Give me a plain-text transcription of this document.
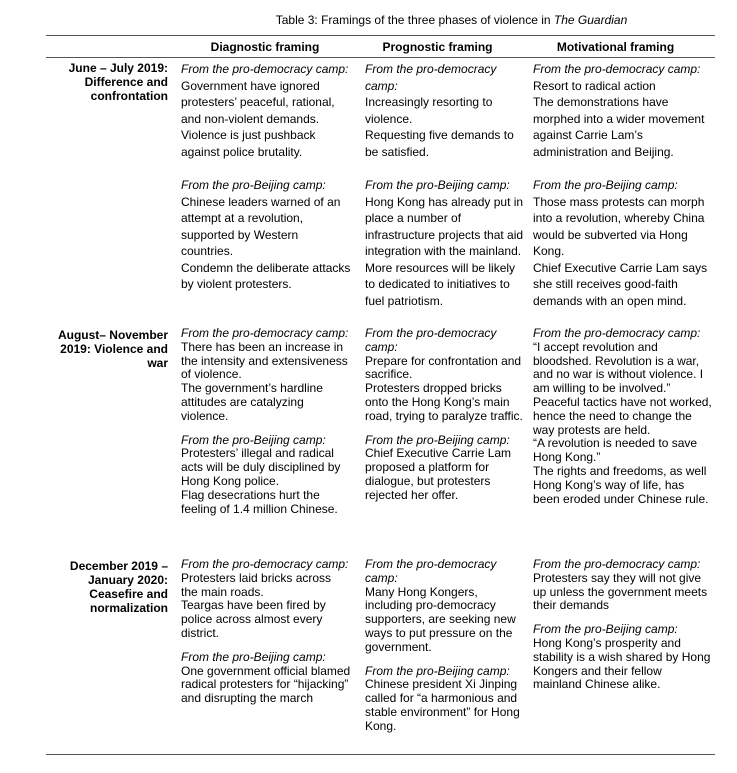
Table 3: Framings of the three phases of violence in The Guardian
Diagnostic framing	Prognostic framing	Motivational framing
June – July 2019: Difference and confrontation
August– November 2019: Violence and war
December 2019 – January 2020: Ceasefire and normalization
From the pro-democracy camp:
Government have ignored protesters’ peaceful, rational, and non-violent demands.
Violence is just pushback against police brutality.
From the pro-Beijing camp:
Chinese leaders warned of an attempt at a revolution, supported by Western countries.
Condemn the deliberate attacks by violent protesters.
From the pro-democracy camp:
Increasingly resorting to violence.
Requesting five demands to be satisfied.
From the pro-Beijing camp:
Hong Kong has already put in place a number of infrastructure projects that aid integration with the mainland.
More resources will be likely to dedicated to initiatives to fuel patriotism.
From the pro-democracy camp:
Resort to radical action
The demonstrations have morphed into a wider movement against Carrie Lam’s administration and Beijing.
From the pro-Beijing camp:
Those mass protests can morph into a revolution, whereby China would be subverted via Hong Kong.
Chief Executive Carrie Lam says she still receives good-faith demands with an open mind.
From the pro-democracy camp:
There has been an increase in the intensity and extensiveness of violence.
The government’s hardline attitudes are catalyzing violence.
From the pro-Beijing camp:
Protesters’ illegal and radical acts will be duly disciplined by Hong Kong police.
Flag desecrations hurt the feeling of 1.4 million Chinese.
From the pro-democracy camp:
Prepare for confrontation and sacrifice.
Protesters dropped bricks onto the Hong Kong’s main road, trying to paralyze traffic.
From the pro-Beijing camp:
Chief Executive Carrie Lam proposed a platform for dialogue, but protesters rejected her offer.
From the pro-democracy camp:
“I accept revolution and bloodshed. Revolution is a war, and no war is without violence. I am willing to be involved.”
Peaceful tactics have not worked, hence the need to change the way protests are held.
“A revolution is needed to save Hong Kong.”
The rights and freedoms, as well Hong Kong’s way of life, has been eroded under Chinese rule.
From the pro-democracy camp:
Protesters laid bricks across the main roads.
Teargas have been fired by police across almost every district.
From the pro-Beijing camp:
One government official blamed radical protesters for “hijacking” and disrupting the march
From the pro-democracy camp:
Many Hong Kongers, including pro-democracy supporters, are seeking new ways to put pressure on the government.
From the pro-Beijing camp:
Chinese president Xi Jinping called for “a harmonious and stable environment” for Hong Kong.
From the pro-democracy camp:
Protesters say they will not give up unless the government meets their demands
From the pro-Beijing camp:
Hong Kong’s prosperity and stability is a wish shared by Hong Kongers and their fellow mainland Chinese alike.
